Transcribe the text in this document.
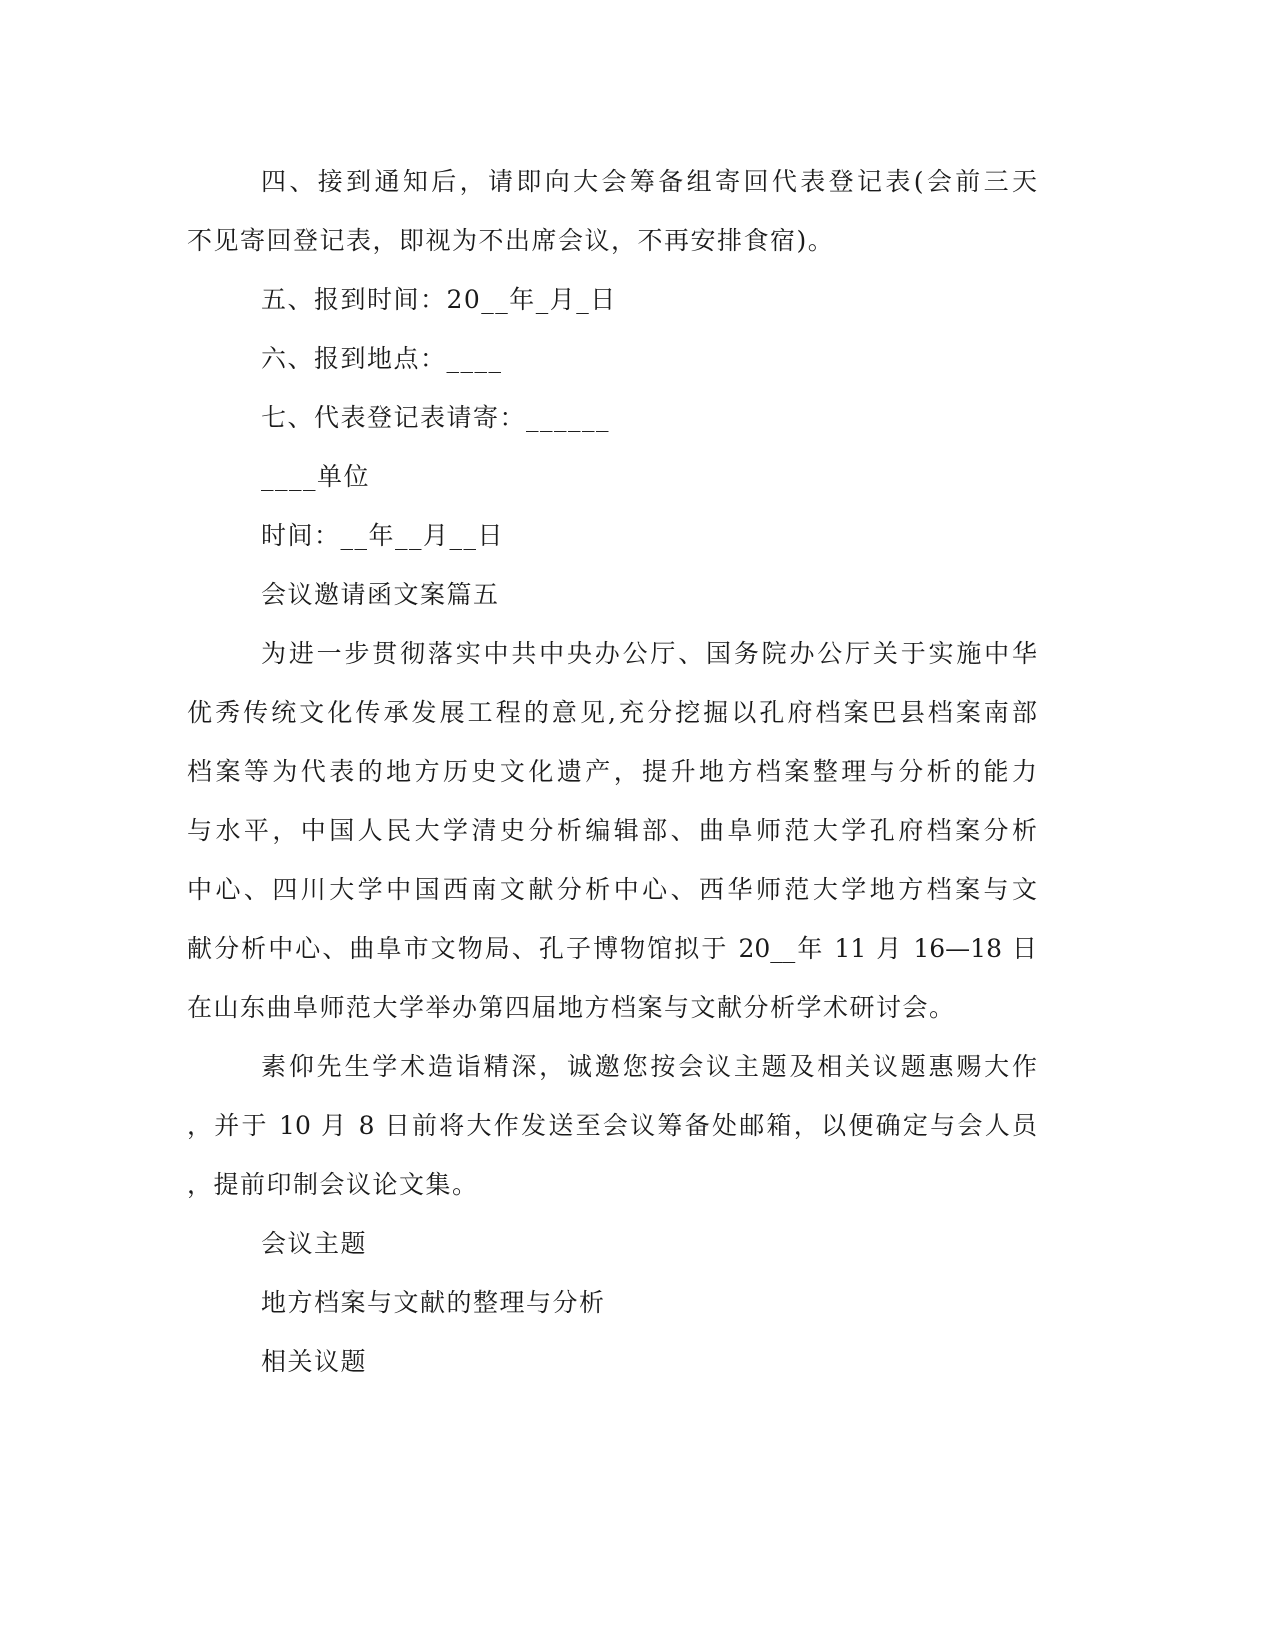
四、接到通知后，请即向大会筹备组寄回代表登记表(会前三天
不见寄回登记表，即视为不出席会议，不再安排食宿)。
五、报到时间：20__年_月_日
六、报到地点：____
七、代表登记表请寄：______
____单位
时间：__年__月__日
会议邀请函文案篇五
为进一步贯彻落实中共中央办公厅、国务院办公厅关于实施中华
优秀传统文化传承发展工程的意见,充分挖掘以孔府档案巴县档案南部
档案等为代表的地方历史文化遗产，提升地方档案整理与分析的能力
与水平，中国人民大学清史分析编辑部、曲阜师范大学孔府档案分析
中心、四川大学中国西南文献分析中心、西华师范大学地方档案与文
献分析中心、曲阜市文物局、孔子博物馆拟于 20__年 11 月 16—18 日
在山东曲阜师范大学举办第四届地方档案与文献分析学术研讨会。
素仰先生学术造诣精深，诚邀您按会议主题及相关议题惠赐大作
，并于 10 月 8 日前将大作发送至会议筹备处邮箱，以便确定与会人员
，提前印制会议论文集。
会议主题
地方档案与文献的整理与分析
相关议题
